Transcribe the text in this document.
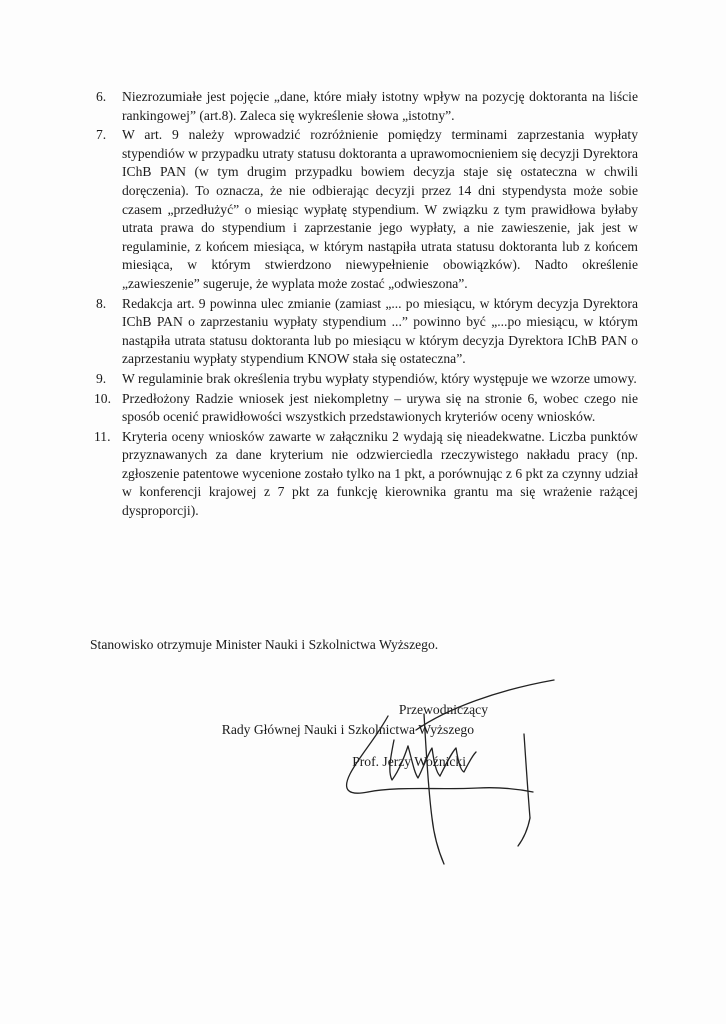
6.	Niezrozumiałe jest pojęcie „dane, które miały istotny wpływ na pozycję doktoranta na liście rankingowej” (art.8). Zaleca się wykreślenie słowa „istotny”.
7.	W art. 9 należy wprowadzić rozróżnienie pomiędzy terminami zaprzestania wypłaty stypendiów w przypadku utraty statusu doktoranta a uprawomocnieniem się decyzji Dyrektora IChB PAN (w tym drugim przypadku bowiem decyzja staje się ostateczna w chwili doręczenia). To oznacza, że nie odbierając decyzji przez 14 dni stypendysta może sobie czasem „przedłużyć” o miesiąc wypłatę stypendium. W związku z tym prawidłowa byłaby utrata prawa do stypendium i zaprzestanie jego wypłaty, a nie zawieszenie, jak jest w regulaminie, z końcem miesiąca, w którym nastąpiła utrata statusu doktoranta lub z końcem miesiąca, w którym stwierdzono niewypełnienie obowiązków). Nadto określenie „zawieszenie” sugeruje, że wyplata może zostać „odwieszona”.
8.	Redakcja art. 9 powinna ulec zmianie (zamiast „... po miesiącu, w którym decyzja Dyrektora IChB PAN o zaprzestaniu wypłaty stypendium ...” powinno być „...po miesiącu, w którym nastąpiła utrata statusu doktoranta lub po miesiącu w którym decyzja Dyrektora IChB PAN o zaprzestaniu wypłaty stypendium KNOW stała się ostateczna”.
9.	W regulaminie brak określenia trybu wypłaty stypendiów, który występuje we wzorze umowy.
10. Przedłożony Radzie wniosek jest niekompletny – urywa się na stronie 6, wobec czego nie sposób ocenić prawidłowości wszystkich przedstawionych kryteriów oceny wniosków.
11. Kryteria oceny wniosków zawarte w załączniku 2 wydają się nieadekwatne. Liczba punktów przyznawanych za dane kryterium nie odzwierciedla rzeczywistego nakładu pracy (np. zgłoszenie patentowe wycenione zostało tylko na 1 pkt, a porównując z 6 pkt za czynny udział w konferencji krajowej z 7 pkt za funkcję kierownika grantu ma się wrażenie rażącej dysproporcji).

Stanowisko otrzymuje Minister Nauki i Szkolnictwa Wyższego.

Przewodniczący
Rady Głównej Nauki i Szkolnictwa Wyższego
Prof. Jerzy Woźnicki
